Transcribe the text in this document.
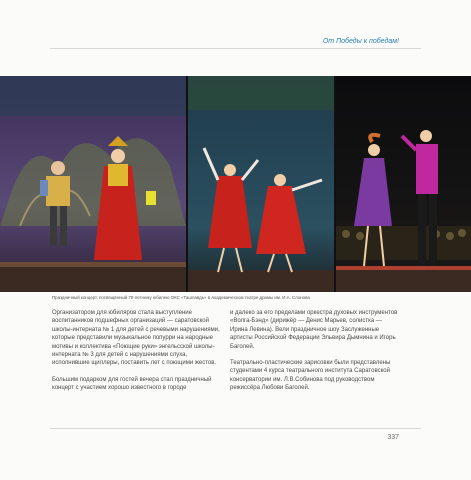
От Победы к победам!
Праздничный концерт, посвящённый 70-летнему юбилею ОКС «Ташлавдь» в Академическом театре драмы им. И.А. Слонова

Организатором для юбиляров стала выступление воспитанников подшефных организаций — саратовской школы-интерната № 1 для детей с речевыми нарушениями, которые представили музыкальное попурри на народные мотивы и коллектива «Поющие руки» энгельсской школы-интерната № 3 для детей с нарушениями слуха, исполнившие щиллеры, поставить лет с поющими жестов.

Большим подарком для гостей вечера стал праздничный концерт с участием хорошо известного в городе

и далеко за его пределами оркестра духовых инструментов «Волга-Бэнд» (дирижёр — Денис Марьев, солистка — Ирина Левина). Вели праздничное шоу Заслуженные артисты Российской Федерации Эльвира Дымнина и Игорь Баголей.

Театрально-пластические зарисовки были представлены студентами 4 курса театрального института Саратовской консерватории им. Л.В.Собинова под руководством режиссёра Любови Баголей.

337
